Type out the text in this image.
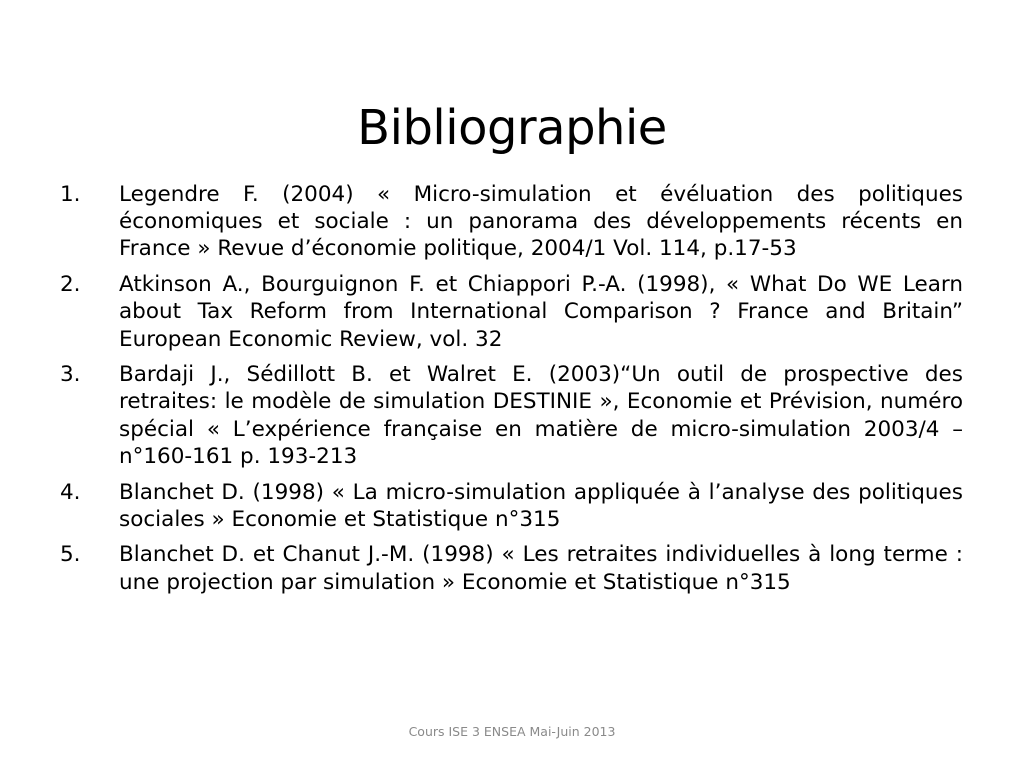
Bibliographie
1. Legendre F. (2004) « Micro-simulation et évéluation des politiques économiques et sociale : un panorama des développements récents en France » Revue d’économie politique, 2004/1 Vol. 114, p.17-53
2. Atkinson A., Bourguignon F. et Chiappori P.-A. (1998), « What Do WE Learn about Tax Reform from International Comparison ? France and Britain” European Economic Review, vol. 32
3. Bardaji J., Sédillott B. et Walret E. (2003)“Un outil de prospective des retraites: le modèle de simulation DESTINIE », Economie et Prévision, numéro spécial « L’expérience française en matière de micro-simulation 2003/4 – n°160-161 p. 193-213
4. Blanchet D. (1998) « La micro-simulation appliquée à l’analyse des politiques sociales » Economie et Statistique n°315
5. Blanchet D. et Chanut J.-M. (1998) « Les retraites individuelles à long terme : une projection par simulation » Economie et Statistique n°315
Cours ISE 3 ENSEA Mai-Juin 2013
